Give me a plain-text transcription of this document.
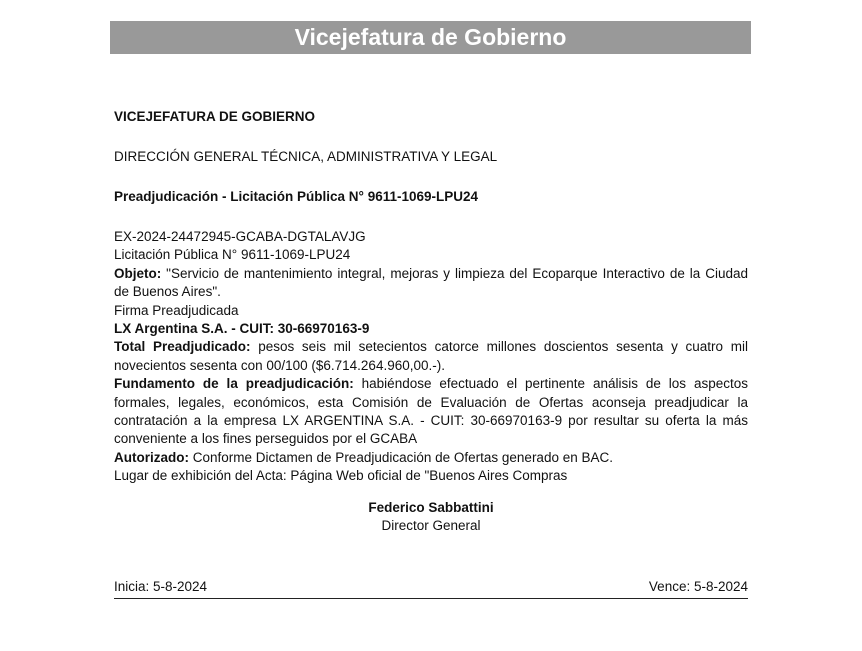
Vicejefatura de Gobierno

VICEJEFATURA DE GOBIERNO

DIRECCIÓN GENERAL TÉCNICA, ADMINISTRATIVA Y LEGAL

Preadjudicación - Licitación Pública N° 9611-1069-LPU24

EX-2024-24472945-GCABA-DGTALAVJG

Licitación Pública N° 9611-1069-LPU24

Objeto: "Servicio de mantenimiento integral, mejoras y limpieza del Ecoparque Interactivo de la Ciudad de Buenos Aires".

Firma Preadjudicada

LX Argentina S.A. - CUIT: 30-66970163-9

Total Preadjudicado: pesos seis mil setecientos catorce millones doscientos sesenta y cuatro mil novecientos sesenta con 00/100 ($6.714.264.960,00.-).

Fundamento de la preadjudicación: habiéndose efectuado el pertinente análisis de los aspectos formales, legales, económicos, esta Comisión de Evaluación de Ofertas aconseja preadjudicar la contratación a la empresa LX ARGENTINA S.A. - CUIT: 30-66970163-9 por resultar su oferta la más conveniente a los fines perseguidos por el GCABA

Autorizado: Conforme Dictamen de Preadjudicación de Ofertas generado en BAC.

Lugar de exhibición del Acta: Página Web oficial de "Buenos Aires Compras

Federico Sabbattini
Director General
Inicia: 5-8-2024	Vence: 5-8-2024
